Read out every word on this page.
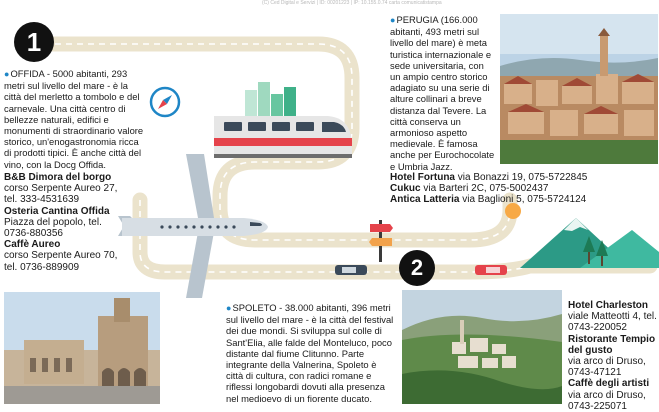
(C) Ced Digital e Servizi | ID: 00201223 | IP: 10.155.0.74 carta comunicatistampa
1
2
●OFFIDA - 5000 abitanti, 293 metri sul livello del mare - è la città del merletto a tombolo e del carnevale. Una città centro di bellezze naturali, edifici e monumenti di straordinario valore storico, un'enogastronomia ricca di prodotti tipici. È anche città del vino, con la Docg Offida.
B&B Dimora del borgo
corso Serpente Aureo 27, tel. 333-4531639
Osteria Cantina Offida
Piazza del popolo, tel. 0736-880356
Caffè Aureo
corso Serpente Aureo 70, tel. 0736-889909
●PERUGIA (166.000 abitanti, 493 metri sul livello del mare) è meta turistica internazionale e sede universitaria, con un ampio centro storico adagiato su una serie di alture collinari a breve distanza dal Tevere. La città conserva un armonioso aspetto medievale. È famosa anche per Eurochocolate e Umbria Jazz.
Hotel Fortuna via Bonazzi 19, 075-5722845
Cukuc via Barteri 2C, 075-5002437
Antica Latteria via Baglioni 5, 075-5724124
●SPOLETO - 38.000 abitanti, 396 metri sul livello del mare - è la città del festival dei due mondi. Si sviluppa sul colle di Sant'Elia, alle falde del Monteluco, poco distante dal fiume Clitunno. Parte integrante della Valnerina, Spoleto è città di cultura, con radici romane e riflessi longobardi dovuti alla presenza nel medioevo di un fiorente ducato.
Hotel Charleston
viale Matteotti 4, tel. 0743-220052
Ristorante Tempio del gusto
via arco di Druso, 0743-47121
Caffè degli artisti
via arco di Druso, 0743-225071
